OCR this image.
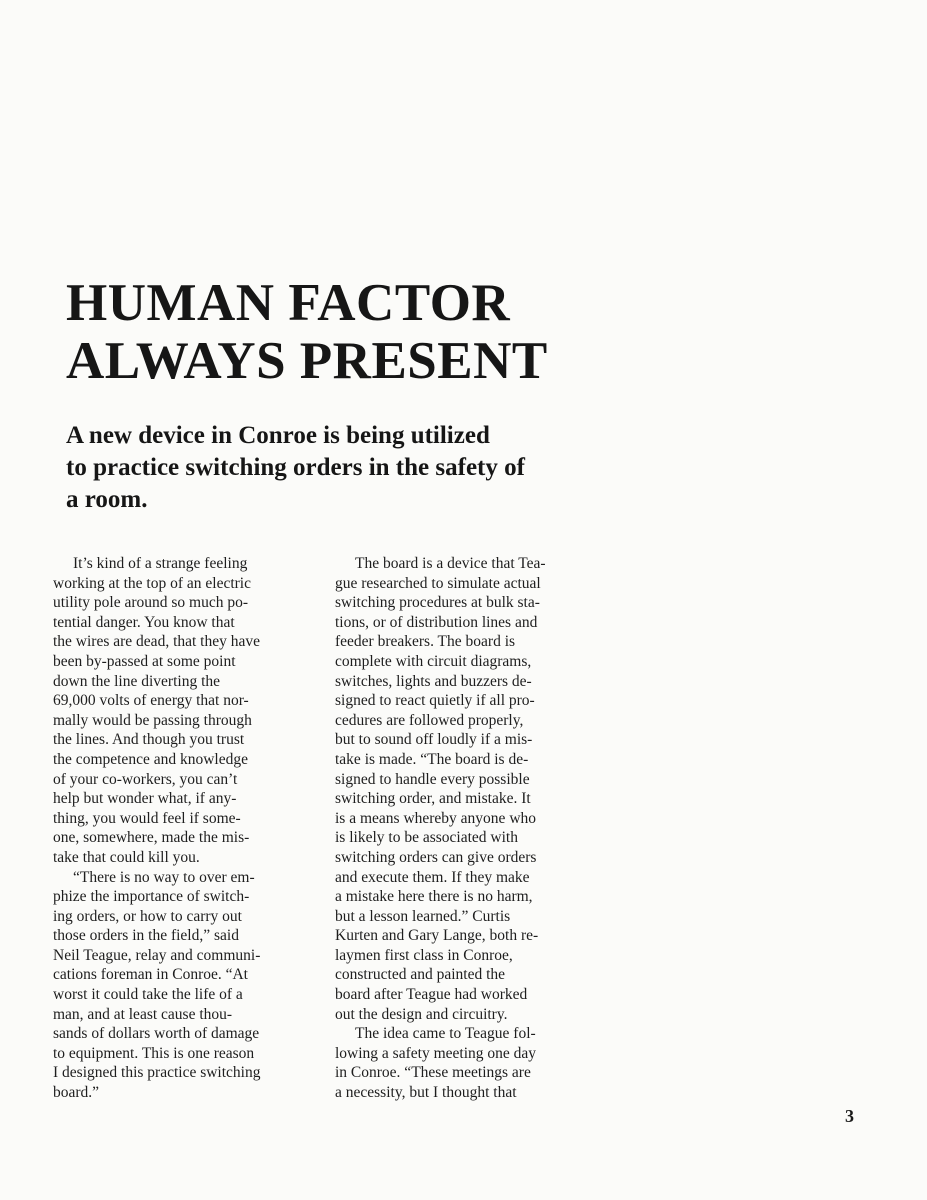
HUMAN FACTOR
ALWAYS PRESENT
A new device in Conroe is being utilized
to practice switching orders in the safety of
a room.
It’s kind of a strange feeling
working at the top of an electric
utility pole around so much po-
tential danger. You know that
the wires are dead, that they have
been by-passed at some point
down the line diverting the
69,000 volts of energy that nor-
mally would be passing through
the lines. And though you trust
the competence and knowledge
of your co-workers, you can’t
help but wonder what, if any-
thing, you would feel if some-
one, somewhere, made the mis-
take that could kill you.
“There is no way to over em-
phize the importance of switch-
ing orders, or how to carry out
those orders in the field,” said
Neil Teague, relay and communi-
cations foreman in Conroe. “At
worst it could take the life of a
man, and at least cause thou-
sands of dollars worth of damage
to equipment. This is one reason
I designed this practice switching
board.”
The board is a device that Tea-
gue researched to simulate actual
switching procedures at bulk sta-
tions, or of distribution lines and
feeder breakers. The board is
complete with circuit diagrams,
switches, lights and buzzers de-
signed to react quietly if all pro-
cedures are followed properly,
but to sound off loudly if a mis-
take is made. “The board is de-
signed to handle every possible
switching order, and mistake. It
is a means whereby anyone who
is likely to be associated with
switching orders can give orders
and execute them. If they make
a mistake here there is no harm,
but a lesson learned.” Curtis
Kurten and Gary Lange, both re-
laymen first class in Conroe,
constructed and painted the
board after Teague had worked
out the design and circuitry.
The idea came to Teague fol-
lowing a safety meeting one day
in Conroe. “These meetings are
a necessity, but I thought that
3
